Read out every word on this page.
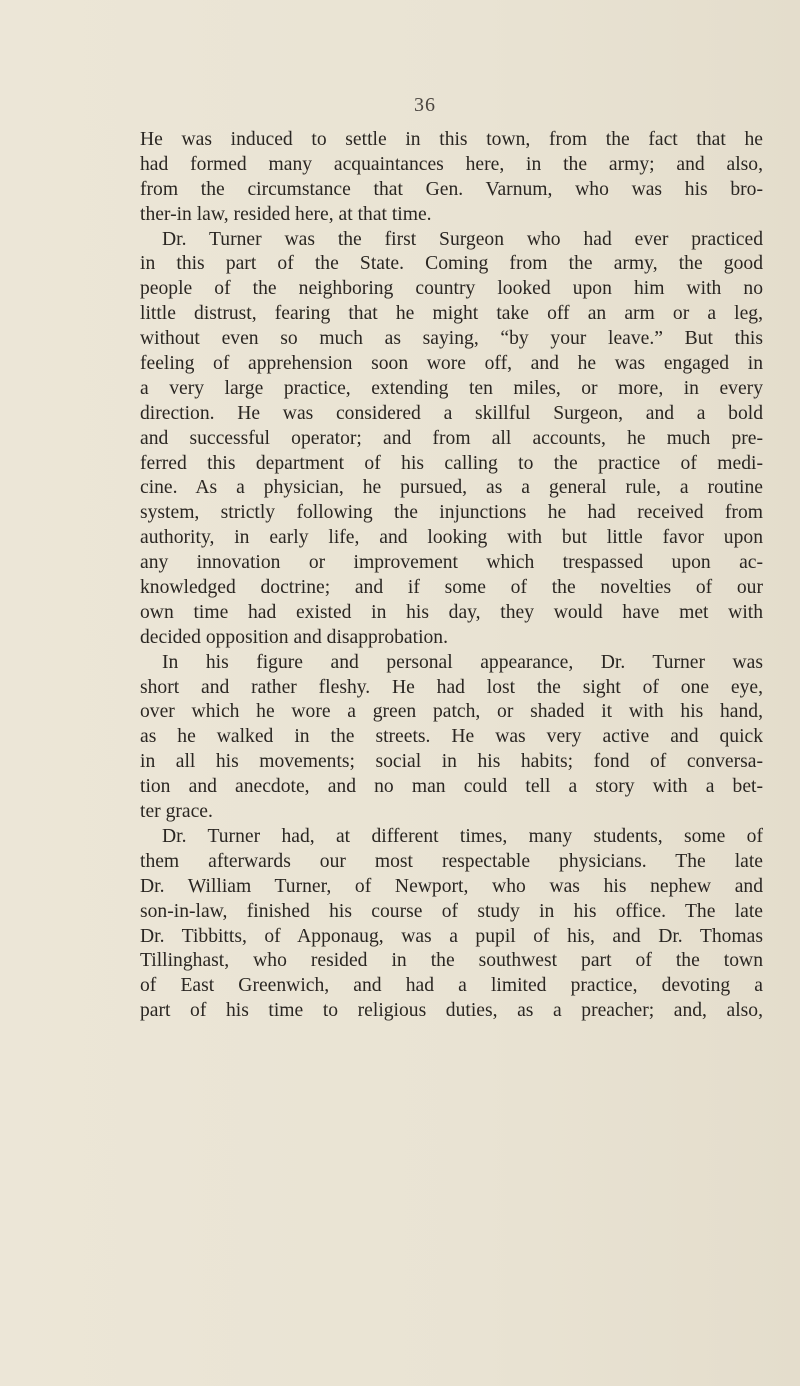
36
He was induced to settle in this town, from the fact that he
had formed many acquaintances here, in the army; and also,
from the circumstance that Gen. Varnum, who was his bro-
ther-in law, resided here, at that time.
Dr. Turner was the first Surgeon who had ever practiced
in this part of the State. Coming from the army, the good
people of the neighboring country looked upon him with no
little distrust, fearing that he might take off an arm or a leg,
without even so much as saying, “by your leave.” But this
feeling of apprehension soon wore off, and he was engaged in
a very large practice, extending ten miles, or more, in every
direction. He was considered a skillful Surgeon, and a bold
and successful operator; and from all accounts, he much pre-
ferred this department of his calling to the practice of medi-
cine. As a physician, he pursued, as a general rule, a routine
system, strictly following the injunctions he had received from
authority, in early life, and looking with but little favor upon
any innovation or improvement which trespassed upon ac-
knowledged doctrine; and if some of the novelties of our
own time had existed in his day, they would have met with
decided opposition and disapprobation.
In his figure and personal appearance, Dr. Turner was
short and rather fleshy. He had lost the sight of one eye,
over which he wore a green patch, or shaded it with his hand,
as he walked in the streets. He was very active and quick
in all his movements; social in his habits; fond of conversa-
tion and anecdote, and no man could tell a story with a bet-
ter grace.
Dr. Turner had, at different times, many students, some of
them afterwards our most respectable physicians. The late
Dr. William Turner, of Newport, who was his nephew and
son-in-law, finished his course of study in his office. The late
Dr. Tibbitts, of Apponaug, was a pupil of his, and Dr. Thomas
Tillinghast, who resided in the southwest part of the town
of East Greenwich, and had a limited practice, devoting a
part of his time to religious duties, as a preacher; and, also,
